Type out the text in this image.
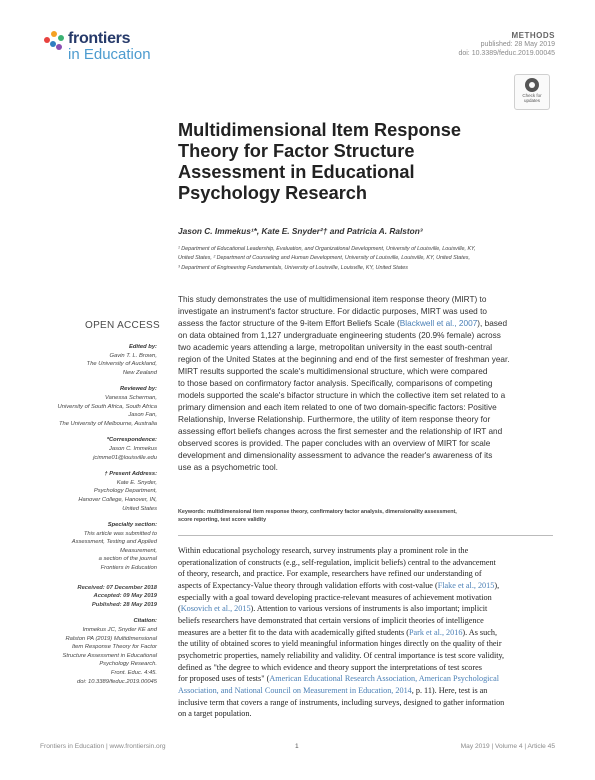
frontiers
in Education
METHODS
published: 28 May 2019
doi: 10.3389/feduc.2019.00045
Check for
updates
Multidimensional Item Response
Theory for Factor Structure
Assessment in Educational
Psychology Research
Jason C. Immekus¹*, Kate E. Snyder²† and Patricia A. Ralston³
¹ Department of Educational Leadership, Evaluation, and Organizational Development, University of Louisville, Louisville, KY,
United States, ² Department of Counseling and Human Development, University of Louisville, Louisville, KY, United States,
³ Department of Engineering Fundamentals, University of Louisville, Louisville, KY, United States
This study demonstrates the use of multidimensional item response theory (MIRT) to
investigate an instrument's factor structure. For didactic purposes, MIRT was used to
assess the factor structure of the 9-item Effort Beliefs Scale (Blackwell et al., 2007), based
on data obtained from 1,127 undergraduate engineering students (20.9% female) across
two academic years attending a large, metropolitan university in the east south-central
region of the United States at the beginning and end of the first semester of freshman year.
MIRT results supported the scale's multidimensional structure, which were compared
to those based on confirmatory factor analysis. Specifically, comparisons of competing
models supported the scale's bifactor structure in which the collective item set related to a
primary dimension and each item related to one of two domain-specific factors: Positive
Relationship, Inverse Relationship. Furthermore, the utility of item response theory for
assessing effort beliefs changes across the first semester and the relationship of IRT and
observed scores is provided. The paper concludes with an overview of MIRT for scale
development and dimensionality assessment to advance the reader's awareness of its
use as a psychometric tool.
Keywords: multidimensional item response theory, confirmatory factor analysis, dimensionality assessment,
score reporting, test score validity
Within educational psychology research, survey instruments play a prominent role in the
operationalization of constructs (e.g., self-regulation, implicit beliefs) central to the advancement
of theory, research, and practice. For example, researchers have refined our understanding of
aspects of Expectancy-Value theory through validation efforts with cost-value (Flake et al., 2015),
especially with a goal toward developing practice-relevant measures of achievement motivation
(Kosovich et al., 2015). Attention to various versions of instruments is also important; implicit
beliefs researchers have demonstrated that certain versions of implicit theories of intelligence
measures are a better fit to the data with academically gifted students (Park et al., 2016). As such,
the utility of obtained scores to yield meaningful information hinges directly on the quality of their
psychometric properties, namely reliability and validity. Of central importance is test score validity,
defined as "the degree to which evidence and theory support the interpretations of test scores
for proposed uses of tests" (American Educational Research Association, American Psychological
Association, and National Council on Measurement in Education, 2014, p. 11). Here, test is an
inclusive term that covers a range of instruments, including surveys, designed to gather information
on a target population.
OPEN ACCESS
Edited by:
Gavin T. L. Brown,
The University of Auckland,
New Zealand
Reviewed by:
Vanessa Scherman,
University of South Africa, South Africa
Jason Fan,
The University of Melbourne, Australia
*Correspondence:
Jason C. Immekus
jcimme01@louisville.edu
† Present Address:
Kate E. Snyder,
Psychology Department,
Hanover College, Hanover, IN,
United States
Specialty section:
This article was submitted to
Assessment, Testing and Applied
Measurement,
a section of the journal
Frontiers in Education
Received: 07 December 2018
Accepted: 09 May 2019
Published: 28 May 2019
Citation:
Immekus JC, Snyder KE and
Ralston PA (2019) Multidimensional
Item Response Theory for Factor
Structure Assessment in Educational
Psychology Research.
Front. Educ. 4:45.
doi: 10.3389/feduc.2019.00045
Frontiers in Education | www.frontiersin.org	1	May 2019 | Volume 4 | Article 45
